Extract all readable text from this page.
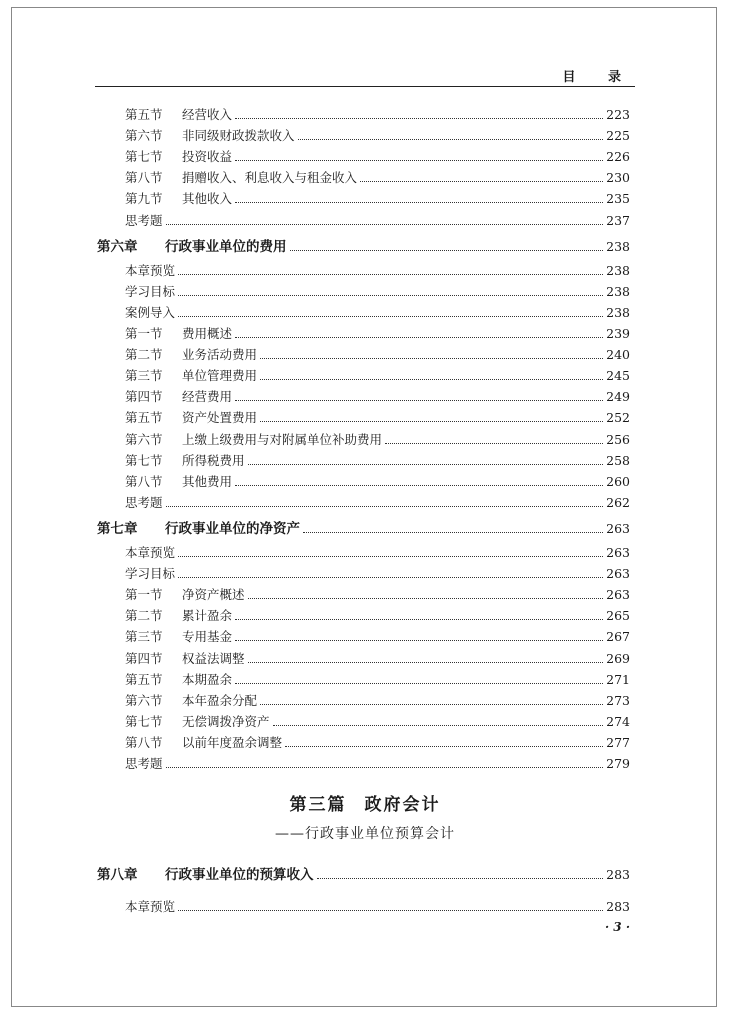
目 录
第五节	经营收入	223
第六节	非同级财政拨款收入	225
第七节	投资收益	226
第八节	捐赠收入、利息收入与租金收入	230
第九节	其他收入	235
思考题	237
第六章	行政事业单位的费用	238
本章预览	238
学习目标	238
案例导入	238
第一节	费用概述	239
第二节	业务活动费用	240
第三节	单位管理费用	245
第四节	经营费用	249
第五节	资产处置费用	252
第六节	上缴上级费用与对附属单位补助费用	256
第七节	所得税费用	258
第八节	其他费用	260
思考题	262
第七章	行政事业单位的净资产	263
本章预览	263
学习目标	263
第一节	净资产概述	263
第二节	累计盈余	265
第三节	专用基金	267
第四节	权益法调整	269
第五节	本期盈余	271
第六节	本年盈余分配	273
第七节	无偿调拨净资产	274
第八节	以前年度盈余调整	277
思考题	279
第三篇 政府会计
——行政事业单位预算会计
第八章	行政事业单位的预算收入	283
本章预览	283
· 3 ·
